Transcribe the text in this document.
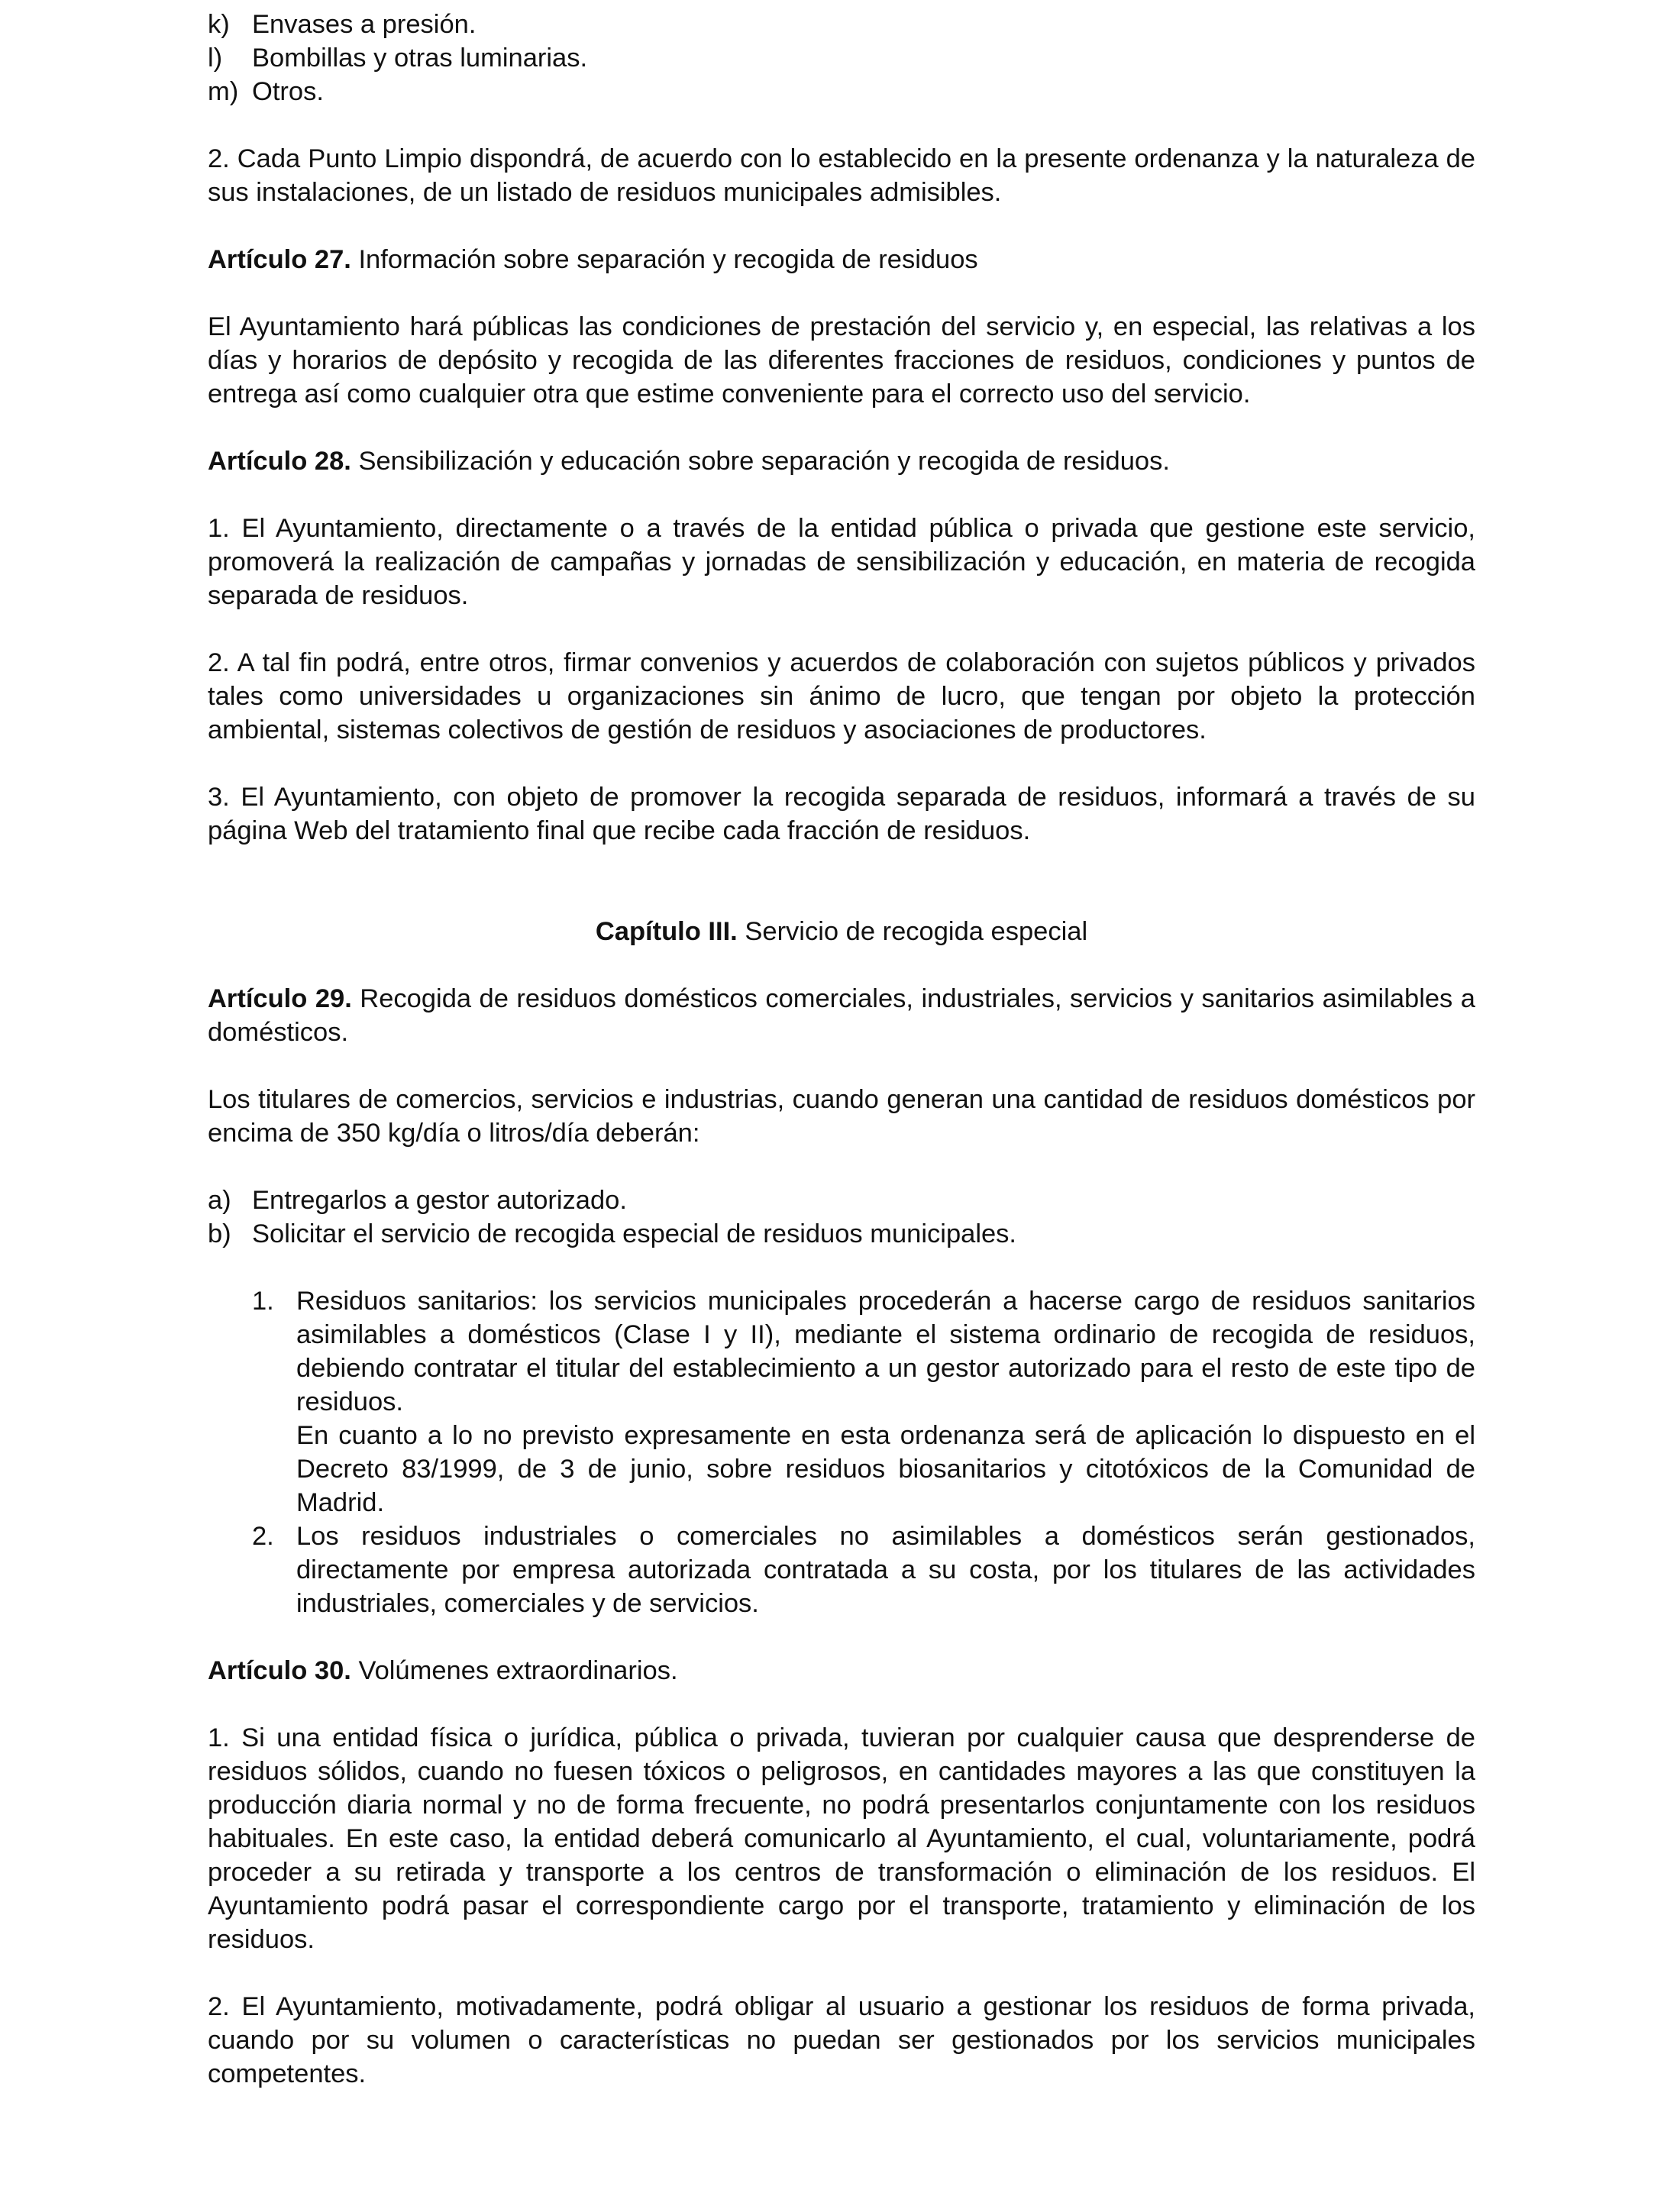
k) Envases a presión.
l)	Bombillas y otras luminarias.
m) Otros.

2. Cada Punto Limpio dispondrá, de acuerdo con lo establecido en la presente ordenanza y la naturaleza de sus instalaciones, de un listado de residuos municipales admisibles.

Artículo 27. Información sobre separación y recogida de residuos

El Ayuntamiento hará públicas las condiciones de prestación del servicio y, en especial, las relativas a los días y horarios de depósito y recogida de las diferentes fracciones de residuos, condiciones y puntos de entrega así como cualquier otra que estime conveniente para el correcto uso del servicio.

Artículo 28. Sensibilización y educación sobre separación y recogida de residuos.

1. El Ayuntamiento, directamente o a través de la entidad pública o privada que gestione este servicio, promoverá la realización de campañas y jornadas de sensibilización y educación, en materia de recogida separada de residuos.

2. A tal fin podrá, entre otros, firmar convenios y acuerdos de colaboración con sujetos públicos y privados tales como universidades u organizaciones sin ánimo de lucro, que tengan por objeto la protección ambiental, sistemas colectivos de gestión de residuos y asociaciones de productores.

3. El Ayuntamiento, con objeto de promover la recogida separada de residuos, informará a través de su página Web del tratamiento final que recibe cada fracción de residuos.

Capítulo III. Servicio de recogida especial

Artículo 29. Recogida de residuos domésticos comerciales, industriales, servicios y sanitarios asimilables a domésticos.

Los titulares de comercios, servicios e industrias, cuando generan una cantidad de residuos domésticos por encima de 350 kg/día o litros/día deberán:

a) Entregarlos a gestor autorizado.
b) Solicitar el servicio de recogida especial de residuos municipales.
1. Residuos sanitarios: los servicios municipales procederán a hacerse cargo de residuos sanitarios asimilables a domésticos (Clase I y II), mediante el sistema ordinario de recogida de residuos, debiendo contratar el titular del establecimiento a un gestor autorizado para el resto de este tipo de residuos.

En cuanto a lo no previsto expresamente en esta ordenanza será de aplicación lo dispuesto en el Decreto 83/1999, de 3 de junio, sobre residuos biosanitarios y citotóxicos de la Comunidad de Madrid.

2. Los residuos industriales o comerciales no asimilables a domésticos serán gestionados, directamente por empresa autorizada contratada a su costa, por los titulares de las actividades industriales, comerciales y de servicios.

Artículo 30. Volúmenes extraordinarios.

1. Si una entidad física o jurídica, pública o privada, tuvieran por cualquier causa que desprenderse de residuos sólidos, cuando no fuesen tóxicos o peligrosos, en cantidades mayores a las que constituyen la producción diaria normal y no de forma frecuente, no podrá presentarlos conjuntamente con los residuos habituales. En este caso, la entidad deberá comunicarlo al Ayuntamiento, el cual, voluntariamente, podrá proceder a su retirada y transporte a los centros de transformación o eliminación de los residuos. El Ayuntamiento podrá pasar el correspondiente cargo por el transporte, tratamiento y eliminación de los residuos.

2. El Ayuntamiento, motivadamente, podrá obligar al usuario a gestionar los residuos de forma privada, cuando por su volumen o características no puedan ser gestionados por los servicios municipales competentes.
